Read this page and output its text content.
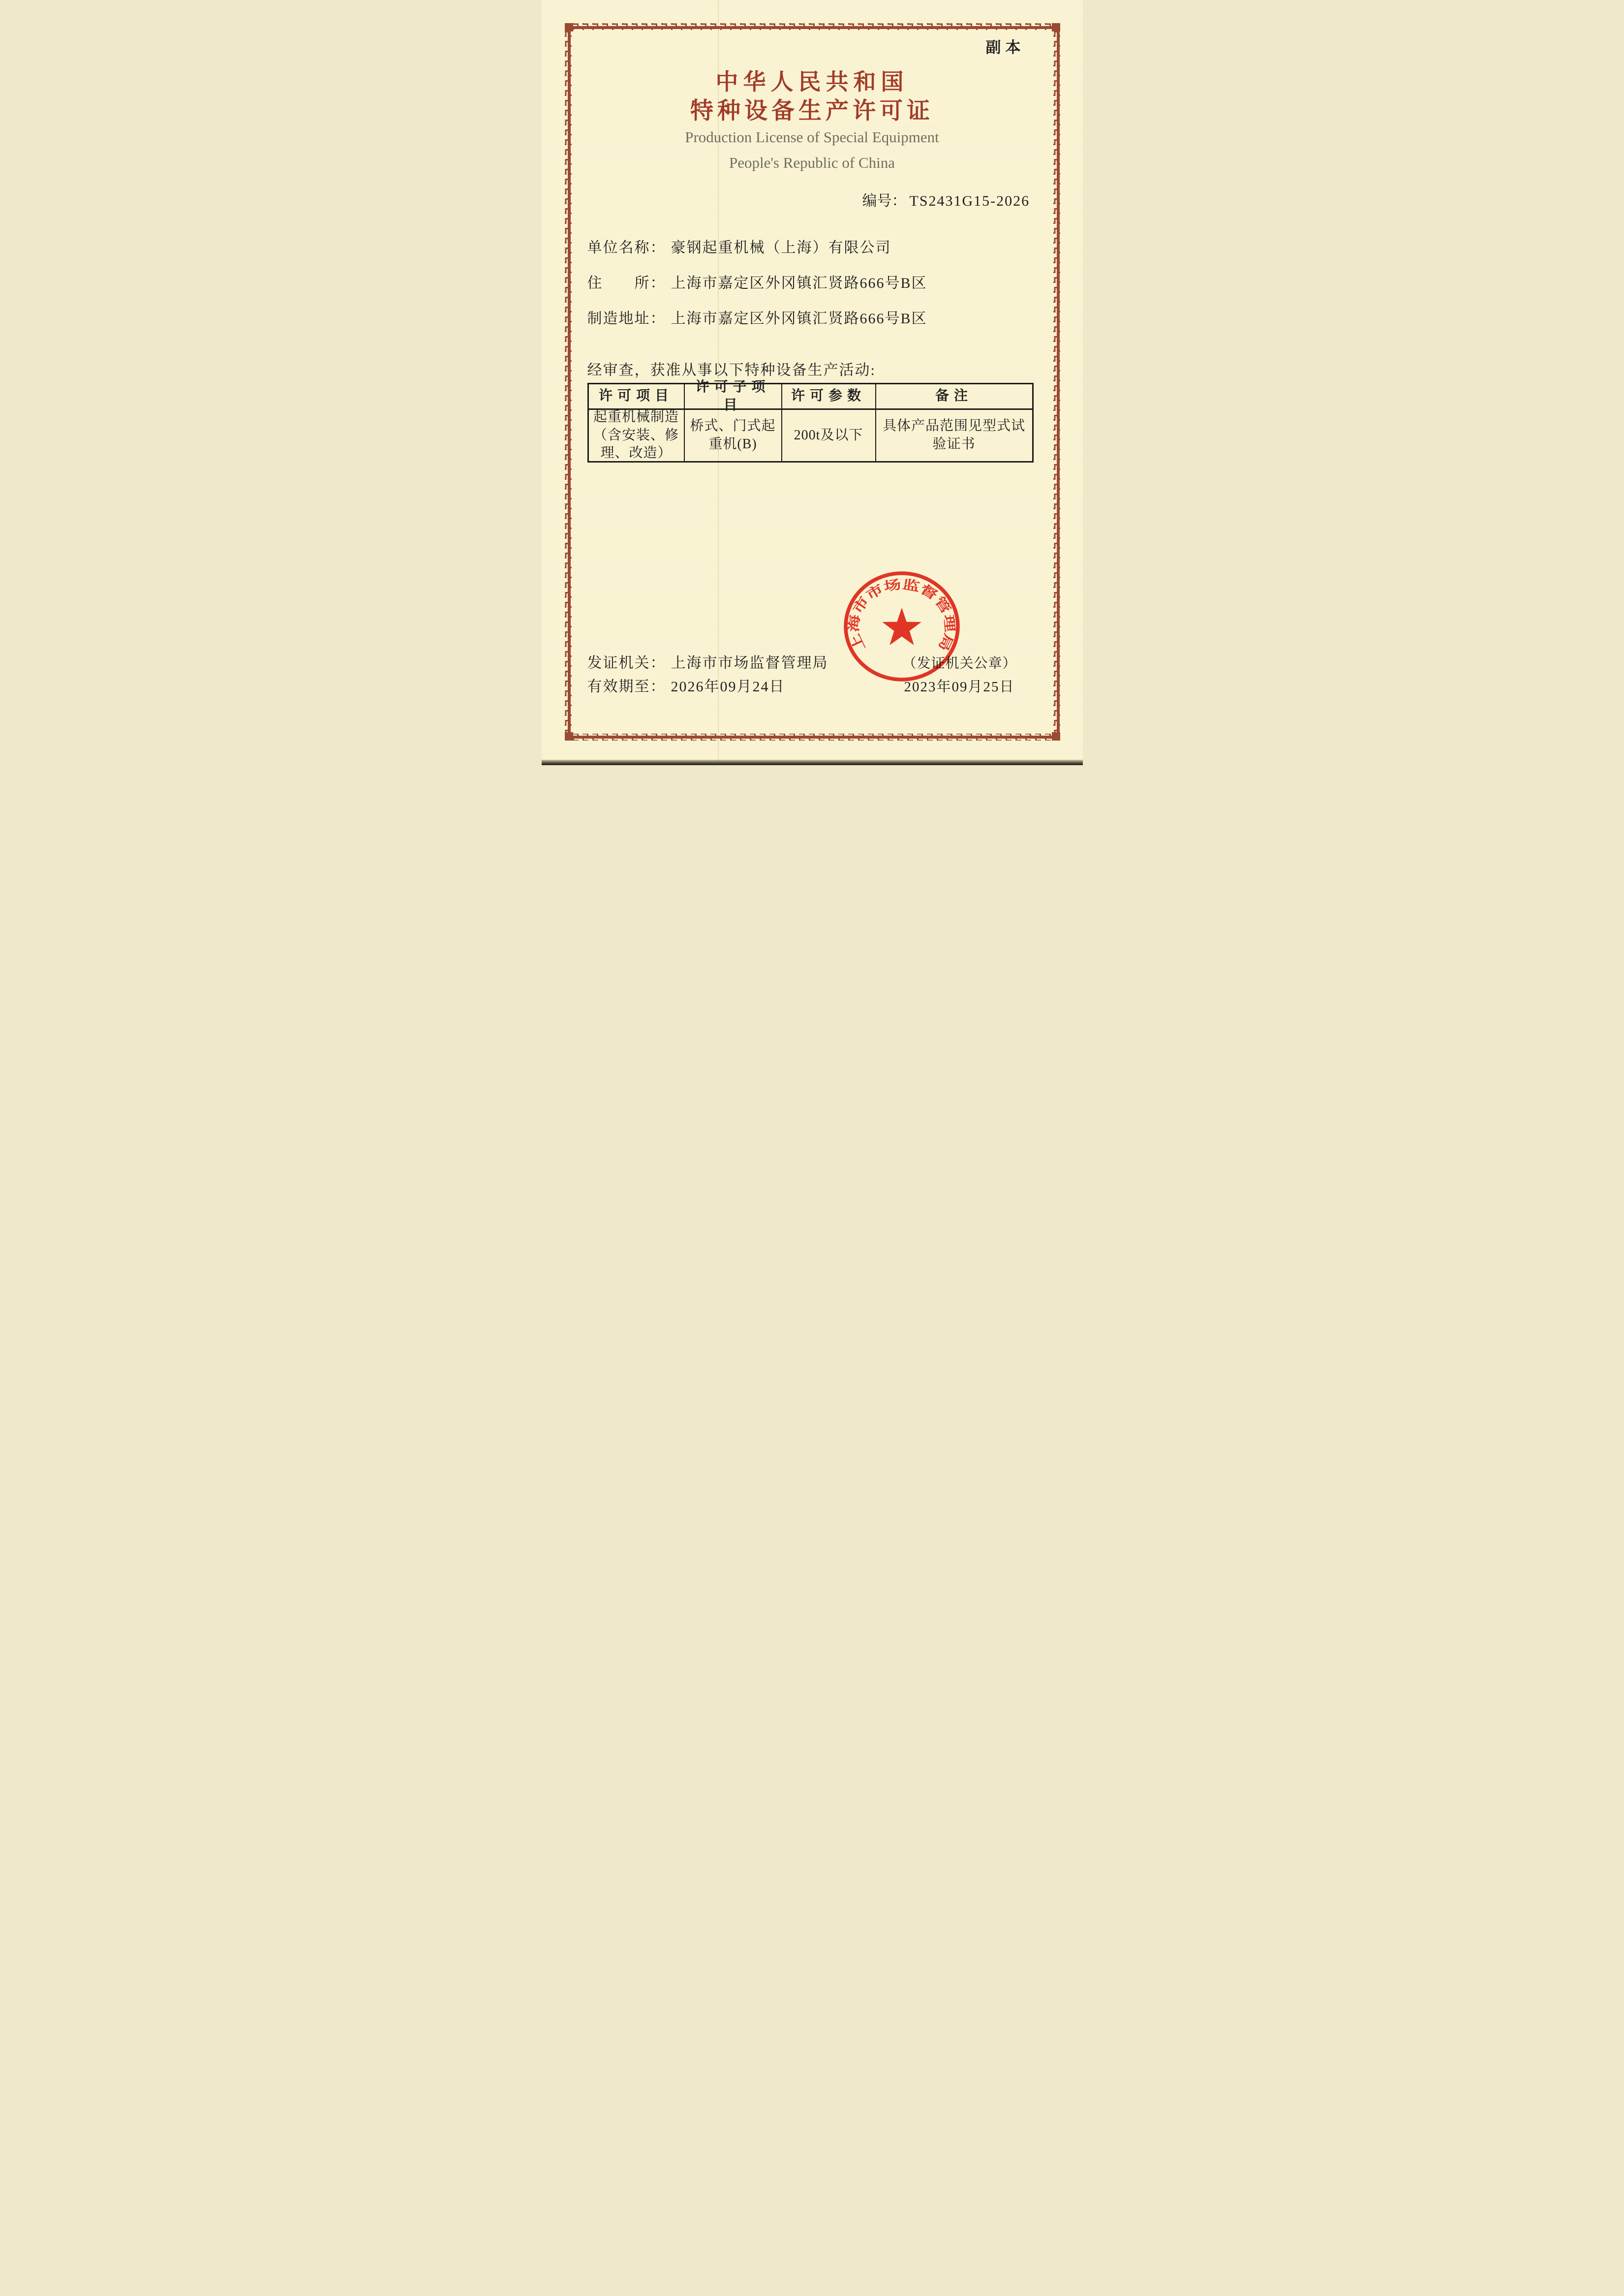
副本
中华人民共和国
特种设备生产许可证
Production License of Special Equipment
People's Republic of China
编号： TS2431G15-2026
单位名称： 豪钢起重机械（上海）有限公司
住　　所： 上海市嘉定区外冈镇汇贤路666号B区
制造地址： 上海市嘉定区外冈镇汇贤路666号B区
经审查，获准从事以下特种设备生产活动:
许可项目
许可子项目
许可参数	备注
起重机械制造（含安装、修理、改造）
桥式、门式起重机(B)
200t及以下
具体产品范围见型式试验证书
发证机关： 上海市市场监督管理局
有效期至： 2026年09月24日
（发证机关公章）
2023年09月25日
上海市市场监督管理局
